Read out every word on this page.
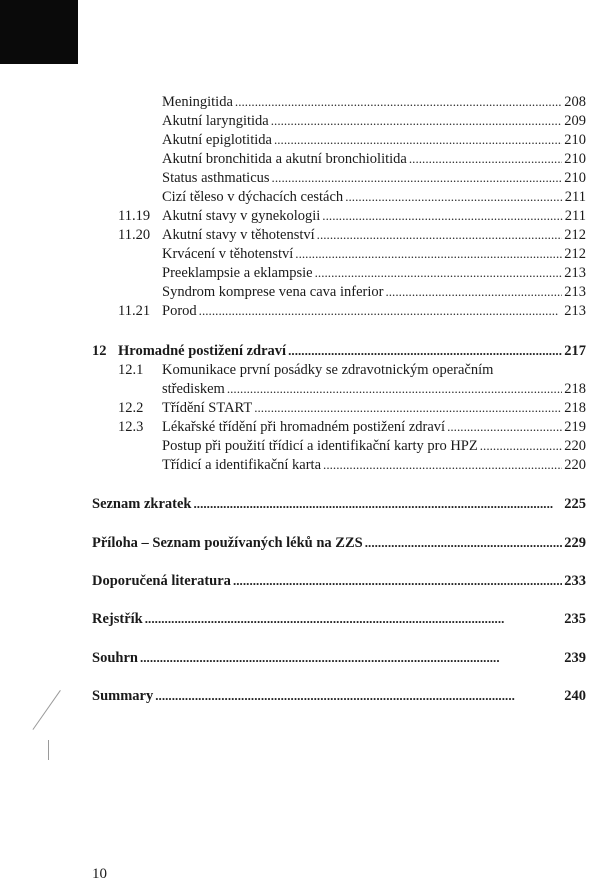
Meningitida . . .	208
Akutní laryngitida . . .	209
Akutní epiglotitida . . .	210
Akutní bronchitida a akutní bronchiolitida . . .	210
Status asthmaticus . . .	210
Cizí těleso v dýchacích cestách . . .	211
11.19 Akutní stavy v gynekologii . . .	211
11.20 Akutní stavy v těhotenství . . .	212
Krvácení v těhotenství . . .	212
Preeklampsie a eklampsie . . .	213
Syndrom komprese vena cava inferior . . .	213
11.21 Porod . . .	213
12 Hromadné postižení zdraví . . .	217
12.1 Komunikace první posádky se zdravotnickým operačním
střediskem . . .	218
12.2 Třídění START . . .	218
12.3 Lékařské třídění při hromadném postižení zdraví . . .	219
Postup při použití třídicí a identifikační karty pro HPZ . . .	220
Třídicí a identifikační karta . . .	220
Seznam zkratek . . .	225
Příloha – Seznam používaných léků na ZZS . . .	229
Doporučená literatura . . .	233
Rejstřík . . .	235
Souhrn . . .	239
Summary . . .	240
10
